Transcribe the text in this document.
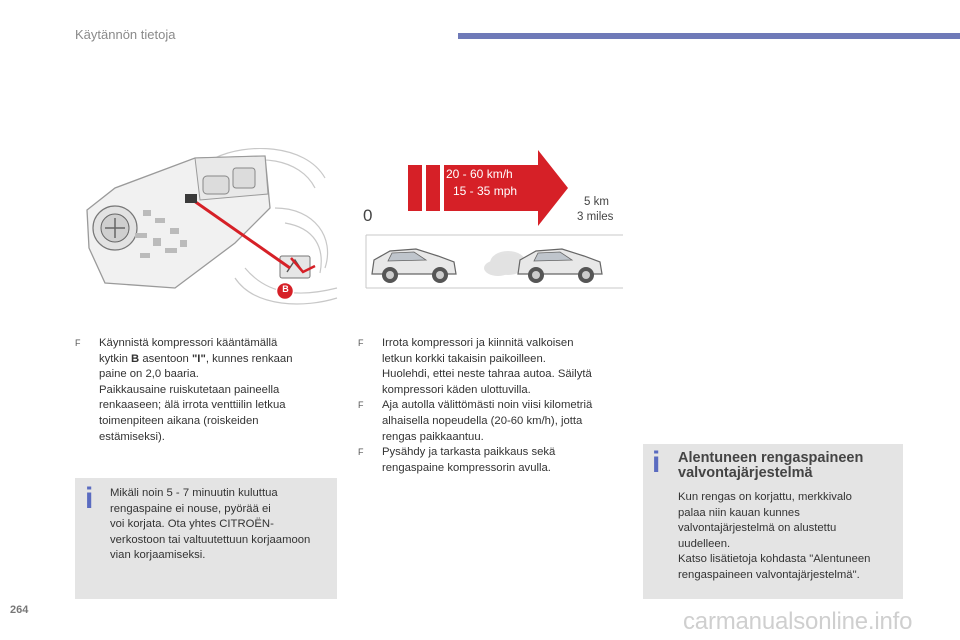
Käytännön tietoja
B
20 - 60 km/h
15 - 35 mph
0
5 km
3 miles
F Käynnistä kompressori kääntämällä
kytkin B asentoon "I", kunnes renkaan
paine on 2,0 baaria.
Paikkausaine ruiskutetaan paineella
renkaaseen; älä irrota venttiilin letkua
toimenpiteen aikana (roiskeiden
estämiseksi).

F Irrota kompressori ja kiinnitä valkoisen
letkun korkki takaisin paikoilleen.
Huolehdi, ettei neste tahraa autoa. Säilytä
kompressori käden ulottuvilla.

F Aja autolla välittömästi noin viisi kilometriä
alhaisella nopeudella (20-60 km/h), jotta
rengas paikkaantuu.

F Pysähdy ja tarkasta paikkaus sekä
rengaspaine kompressorin avulla.

i Mikäli noin 5 - 7 minuutin kuluttua
rengaspaine ei nouse, pyörää ei
voi korjata. Ota yhtes CITROËN-
verkostoon tai valtuutettuun korjaamoon
vian korjaamiseksi.

i Alentuneen rengaspaineen
valvontajärjestelmä

Kun rengas on korjattu, merkkivalo
palaa niin kauan kunnes
valvontajärjestelmä on alustettu
uudelleen.
Katso lisätietoja kohdasta "Alentuneen
rengaspaineen valvontajärjestelmä".

264	carmanualsonline.info
